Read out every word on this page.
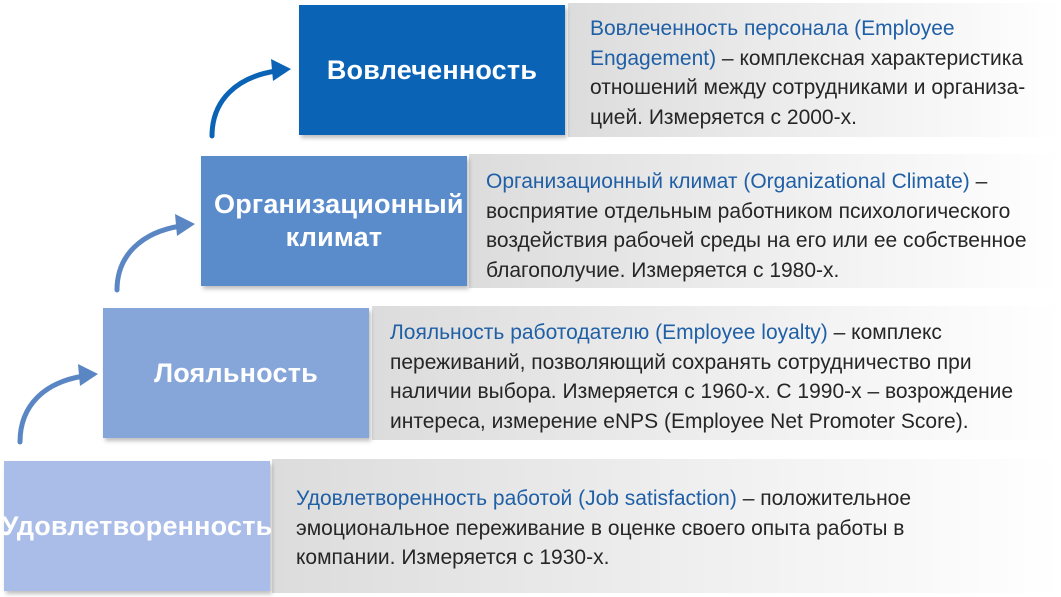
Вовлеченность
Организационный климат
Лояльность
Удовлетворенность

Вовлеченность персонала (Employee Engagement) – комплексная характеристика отношений между сотрудниками и организа-цией. Измеряется с 2000-х.

Организационный климат (Organizational Climate) – восприятие отдельным работником психологического воздействия рабочей среды на его или ее собственное благополучие. Измеряется с 1980-х.

Лояльность работодателю (Employee loyalty) – комплекс переживаний, позволяющий сохранять сотрудничество при наличии выбора. Измеряется с 1960-х. С 1990-х – возрождение интереса, измерение eNPS (Employee Net Promoter Score).

Удовлетворенность работой (Job satisfaction) – положительное эмоциональное переживание в оценке своего опыта работы в компании. Измеряется с 1930-х.
